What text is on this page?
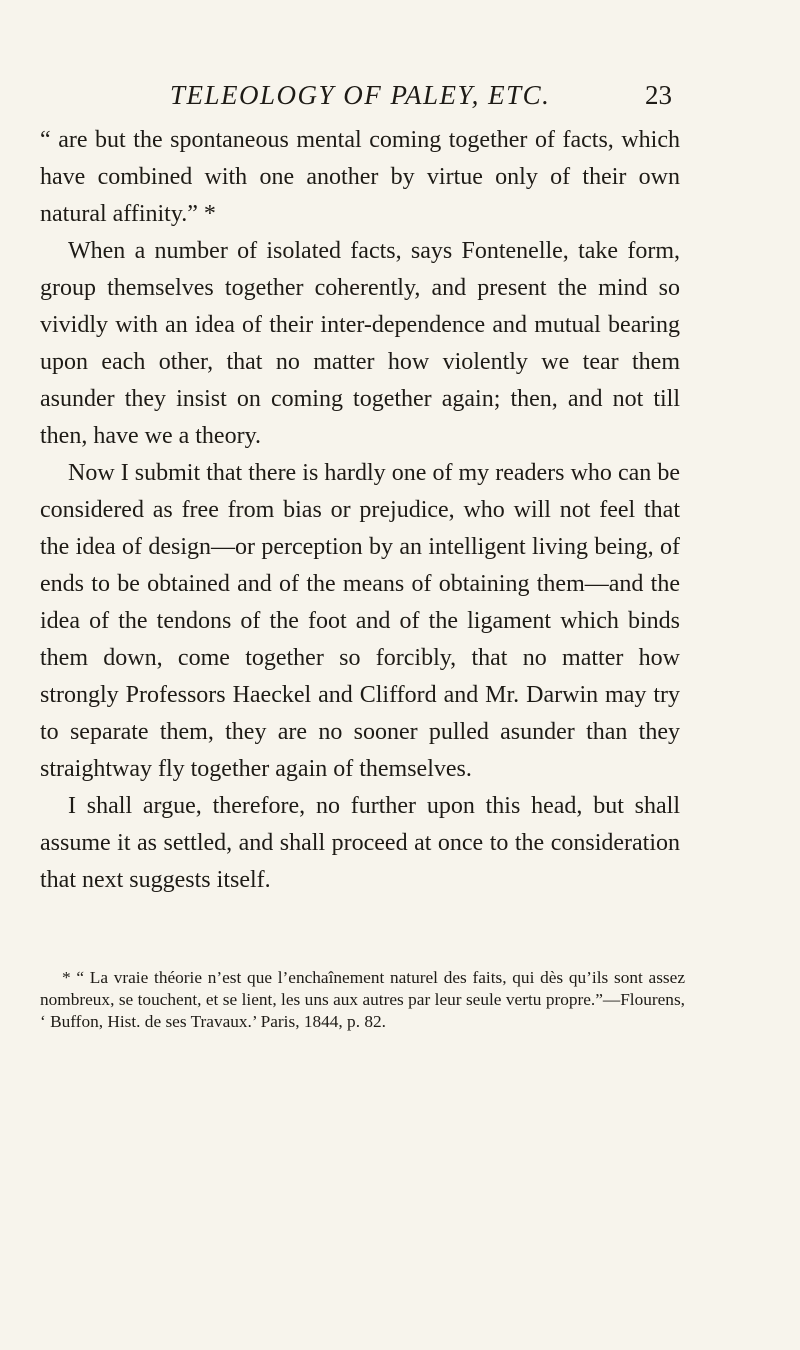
TELEOLOGY OF PALEY, ETC.	23

“ are but the spontaneous mental coming together of facts, which have combined with one another by virtue only of their own natural affinity.” *

When a number of isolated facts, says Fontenelle, take form, group themselves together coherently, and present the mind so vividly with an idea of their inter-dependence and mutual bearing upon each other, that no matter how violently we tear them asunder they insist on coming together again; then, and not till then, have we a theory.

Now I submit that there is hardly one of my readers who can be considered as free from bias or prejudice, who will not feel that the idea of design—or perception by an intelligent living being, of ends to be obtained and of the means of obtaining them—and the idea of the tendons of the foot and of the ligament which binds them down, come together so forcibly, that no matter how strongly Professors Haeckel and Clifford and Mr. Darwin may try to separate them, they are no sooner pulled asunder than they straightway fly together again of themselves.

I shall argue, therefore, no further upon this head, but shall assume it as settled, and shall proceed at once to the consideration that next suggests itself.

* “ La vraie théorie n’est que l’enchaînement naturel des faits, qui dès qu’ils sont assez nombreux, se touchent, et se lient, les uns aux autres par leur seule vertu propre.”—Flourens, ‘ Buffon, Hist. de ses Travaux.’ Paris, 1844, p. 82.
